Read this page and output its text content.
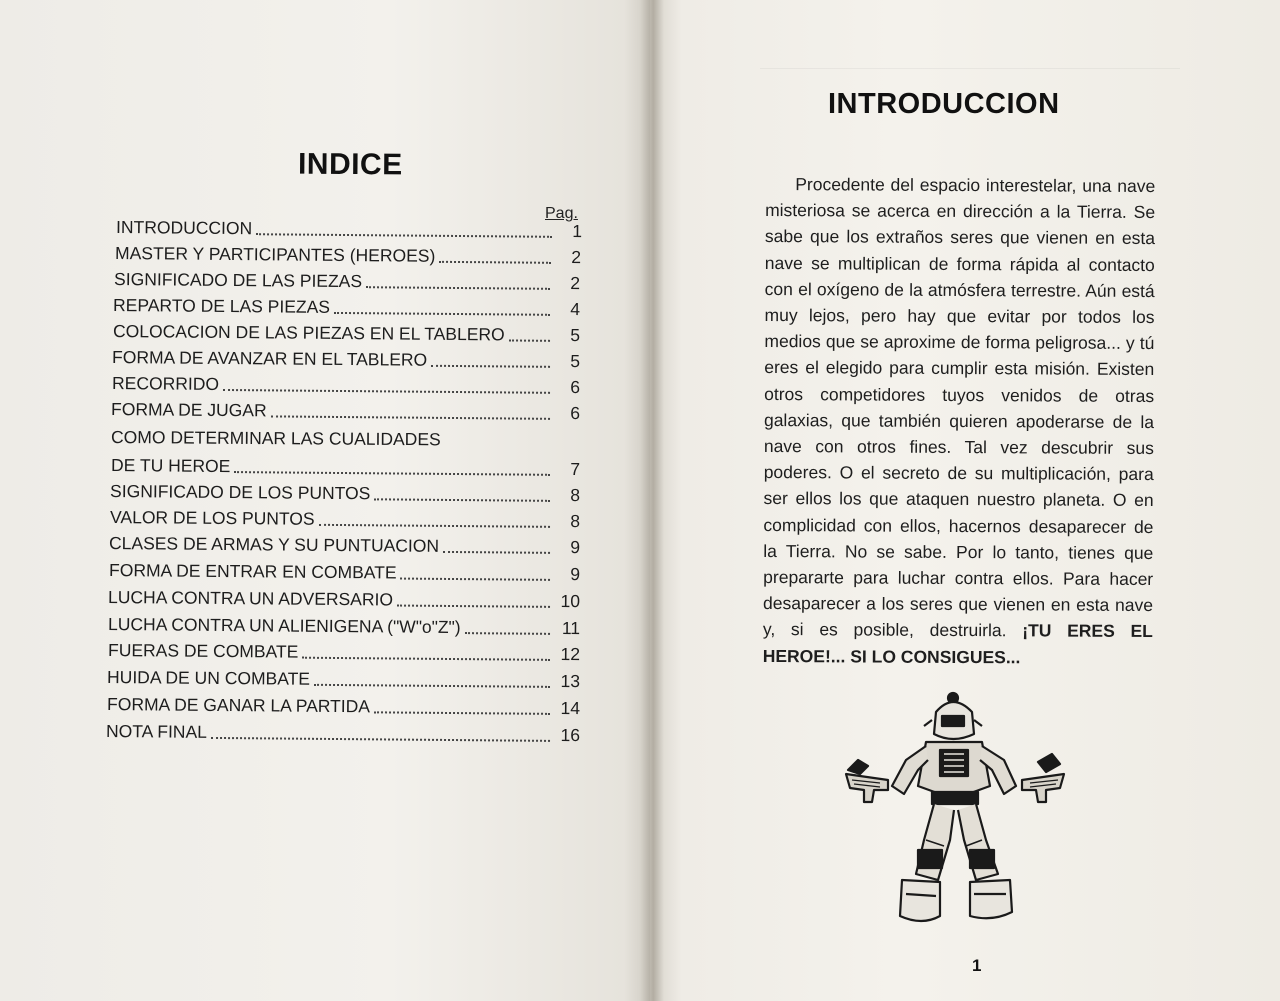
INDICE
Pag.
INTRODUCCION	1
MASTER Y PARTICIPANTES (HEROES)	2
SIGNIFICADO DE LAS PIEZAS	2
REPARTO DE LAS PIEZAS	4
COLOCACION DE LAS PIEZAS EN EL TABLERO	5
FORMA DE AVANZAR EN EL TABLERO	5
RECORRIDO	6
FORMA DE JUGAR	6
COMO DETERMINAR LAS CUALIDADES
DE TU HEROE	7
SIGNIFICADO DE LOS PUNTOS	8
VALOR DE LOS PUNTOS	8
CLASES DE ARMAS Y SU PUNTUACION	9
FORMA DE ENTRAR EN COMBATE	9
LUCHA CONTRA UN ADVERSARIO	10
LUCHA CONTRA UN ALIENIGENA ("W"o"Z")	11
FUERAS DE COMBATE	12
HUIDA DE UN COMBATE	13
FORMA DE GANAR LA PARTIDA	14
NOTA FINAL	16
Procedente del espacio interestelar, una nave misteriosa se acerca en dirección a la Tierra. Se sabe que los extraños seres que vienen en esta nave se multiplican de forma rápida al contacto con el oxígeno de la atmósfera terrestre. Aún está muy lejos, pero hay que evitar por todos los medios que se aproxime de forma peligrosa... y tú eres el elegido para cumplir esta misión. Existen otros competidores tuyos venidos de otras galaxias, que también quieren apoderarse de la nave con otros fines. Tal vez descubrir sus poderes. O el secreto de su multiplicación, para ser ellos los que ataquen nuestro planeta. O en complicidad con ellos, hacernos desaparecer de la Tierra. No se sabe. Por lo tanto, tienes que prepararte para luchar contra ellos. Para hacer desaparecer a los seres que vienen en esta nave y, si es posible, destruirla. ¡TU ERES EL HEROE!... SI LO CONSIGUES...
INTRODUCCION
1
